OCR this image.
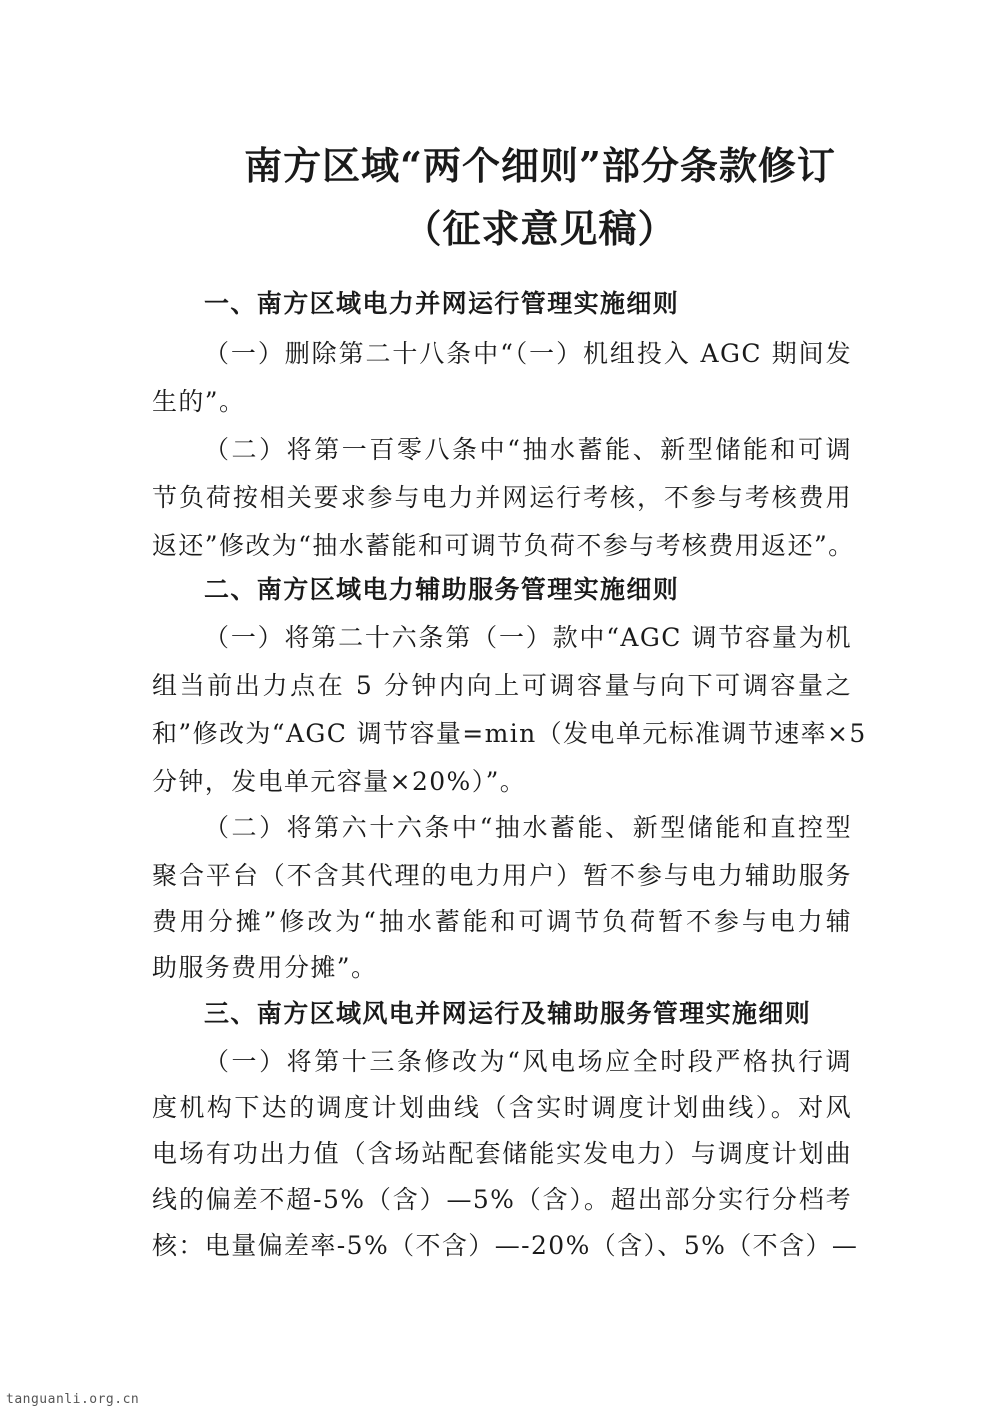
南方区域“两个细则”部分条款修订
（征求意见稿）
一、南方区域电力并网运行管理实施细则
（一）删除第二十八条中“（一）机组投入 AGC 期间发
生的”。
（二）将第一百零八条中“抽水蓄能、新型储能和可调
节负荷按相关要求参与电力并网运行考核，不参与考核费用
返还”修改为“抽水蓄能和可调节负荷不参与考核费用返还”。
二、南方区域电力辅助服务管理实施细则
（一）将第二十六条第（一）款中“AGC 调节容量为机
组当前出力点在 5 分钟内向上可调容量与向下可调容量之
和”修改为“AGC 调节容量=min（发电单元标准调节速率×5
分钟，发电单元容量×20%）”。
（二）将第六十六条中“抽水蓄能、新型储能和直控型
聚合平台（不含其代理的电力用户）暂不参与电力辅助服务
费用分摊”修改为“抽水蓄能和可调节负荷暂不参与电力辅
助服务费用分摊”。
三、南方区域风电并网运行及辅助服务管理实施细则
（一）将第十三条修改为“风电场应全时段严格执行调
度机构下达的调度计划曲线（含实时调度计划曲线）。对风
电场有功出力值（含场站配套储能实发电力）与调度计划曲
线的偏差不超-5%（含）—5%（含）。超出部分实行分档考
核：电量偏差率-5%（不含）—-20%（含）、5%（不含）—
tanguanli.org.cn
